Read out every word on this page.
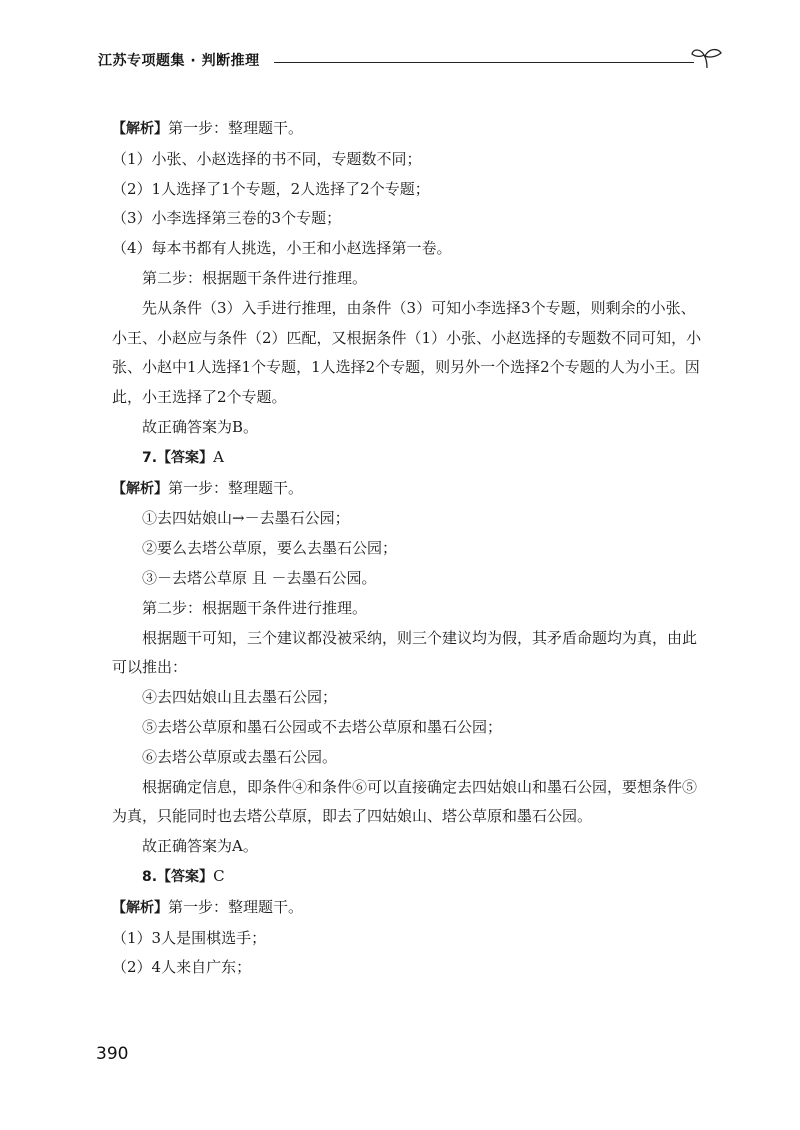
江苏专项题集 · 判断推理

【解析】第一步：整理题干。

（1）小张、小赵选择的书不同，专题数不同；

（2）1人选择了1个专题，2人选择了2个专题；

（3）小李选择第三卷的3个专题；

（4）每本书都有人挑选，小王和小赵选择第一卷。

第二步：根据题干条件进行推理。

先从条件（3）入手进行推理，由条件（3）可知小李选择3个专题，则剩余的小张、小王、小赵应与条件（2）匹配，又根据条件（1）小张、小赵选择的专题数不同可知，小张、小赵中1人选择1个专题，1人选择2个专题，则另外一个选择2个专题的人为小王。因此，小王选择了2个专题。

故正确答案为B。

7.【答案】A

【解析】第一步：整理题干。

①去四姑娘山→－去墨石公园；

②要么去塔公草原，要么去墨石公园；

③－去塔公草原 且 －去墨石公园。

第二步：根据题干条件进行推理。

根据题干可知，三个建议都没被采纳，则三个建议均为假，其矛盾命题均为真，由此可以推出：

④去四姑娘山且去墨石公园；

⑤去塔公草原和墨石公园或不去塔公草原和墨石公园；

⑥去塔公草原或去墨石公园。

根据确定信息，即条件④和条件⑥可以直接确定去四姑娘山和墨石公园，要想条件⑤为真，只能同时也去塔公草原，即去了四姑娘山、塔公草原和墨石公园。

故正确答案为A。

8.【答案】C

【解析】第一步：整理题干。

（1）3人是围棋选手；

（2）4人来自广东；

390
